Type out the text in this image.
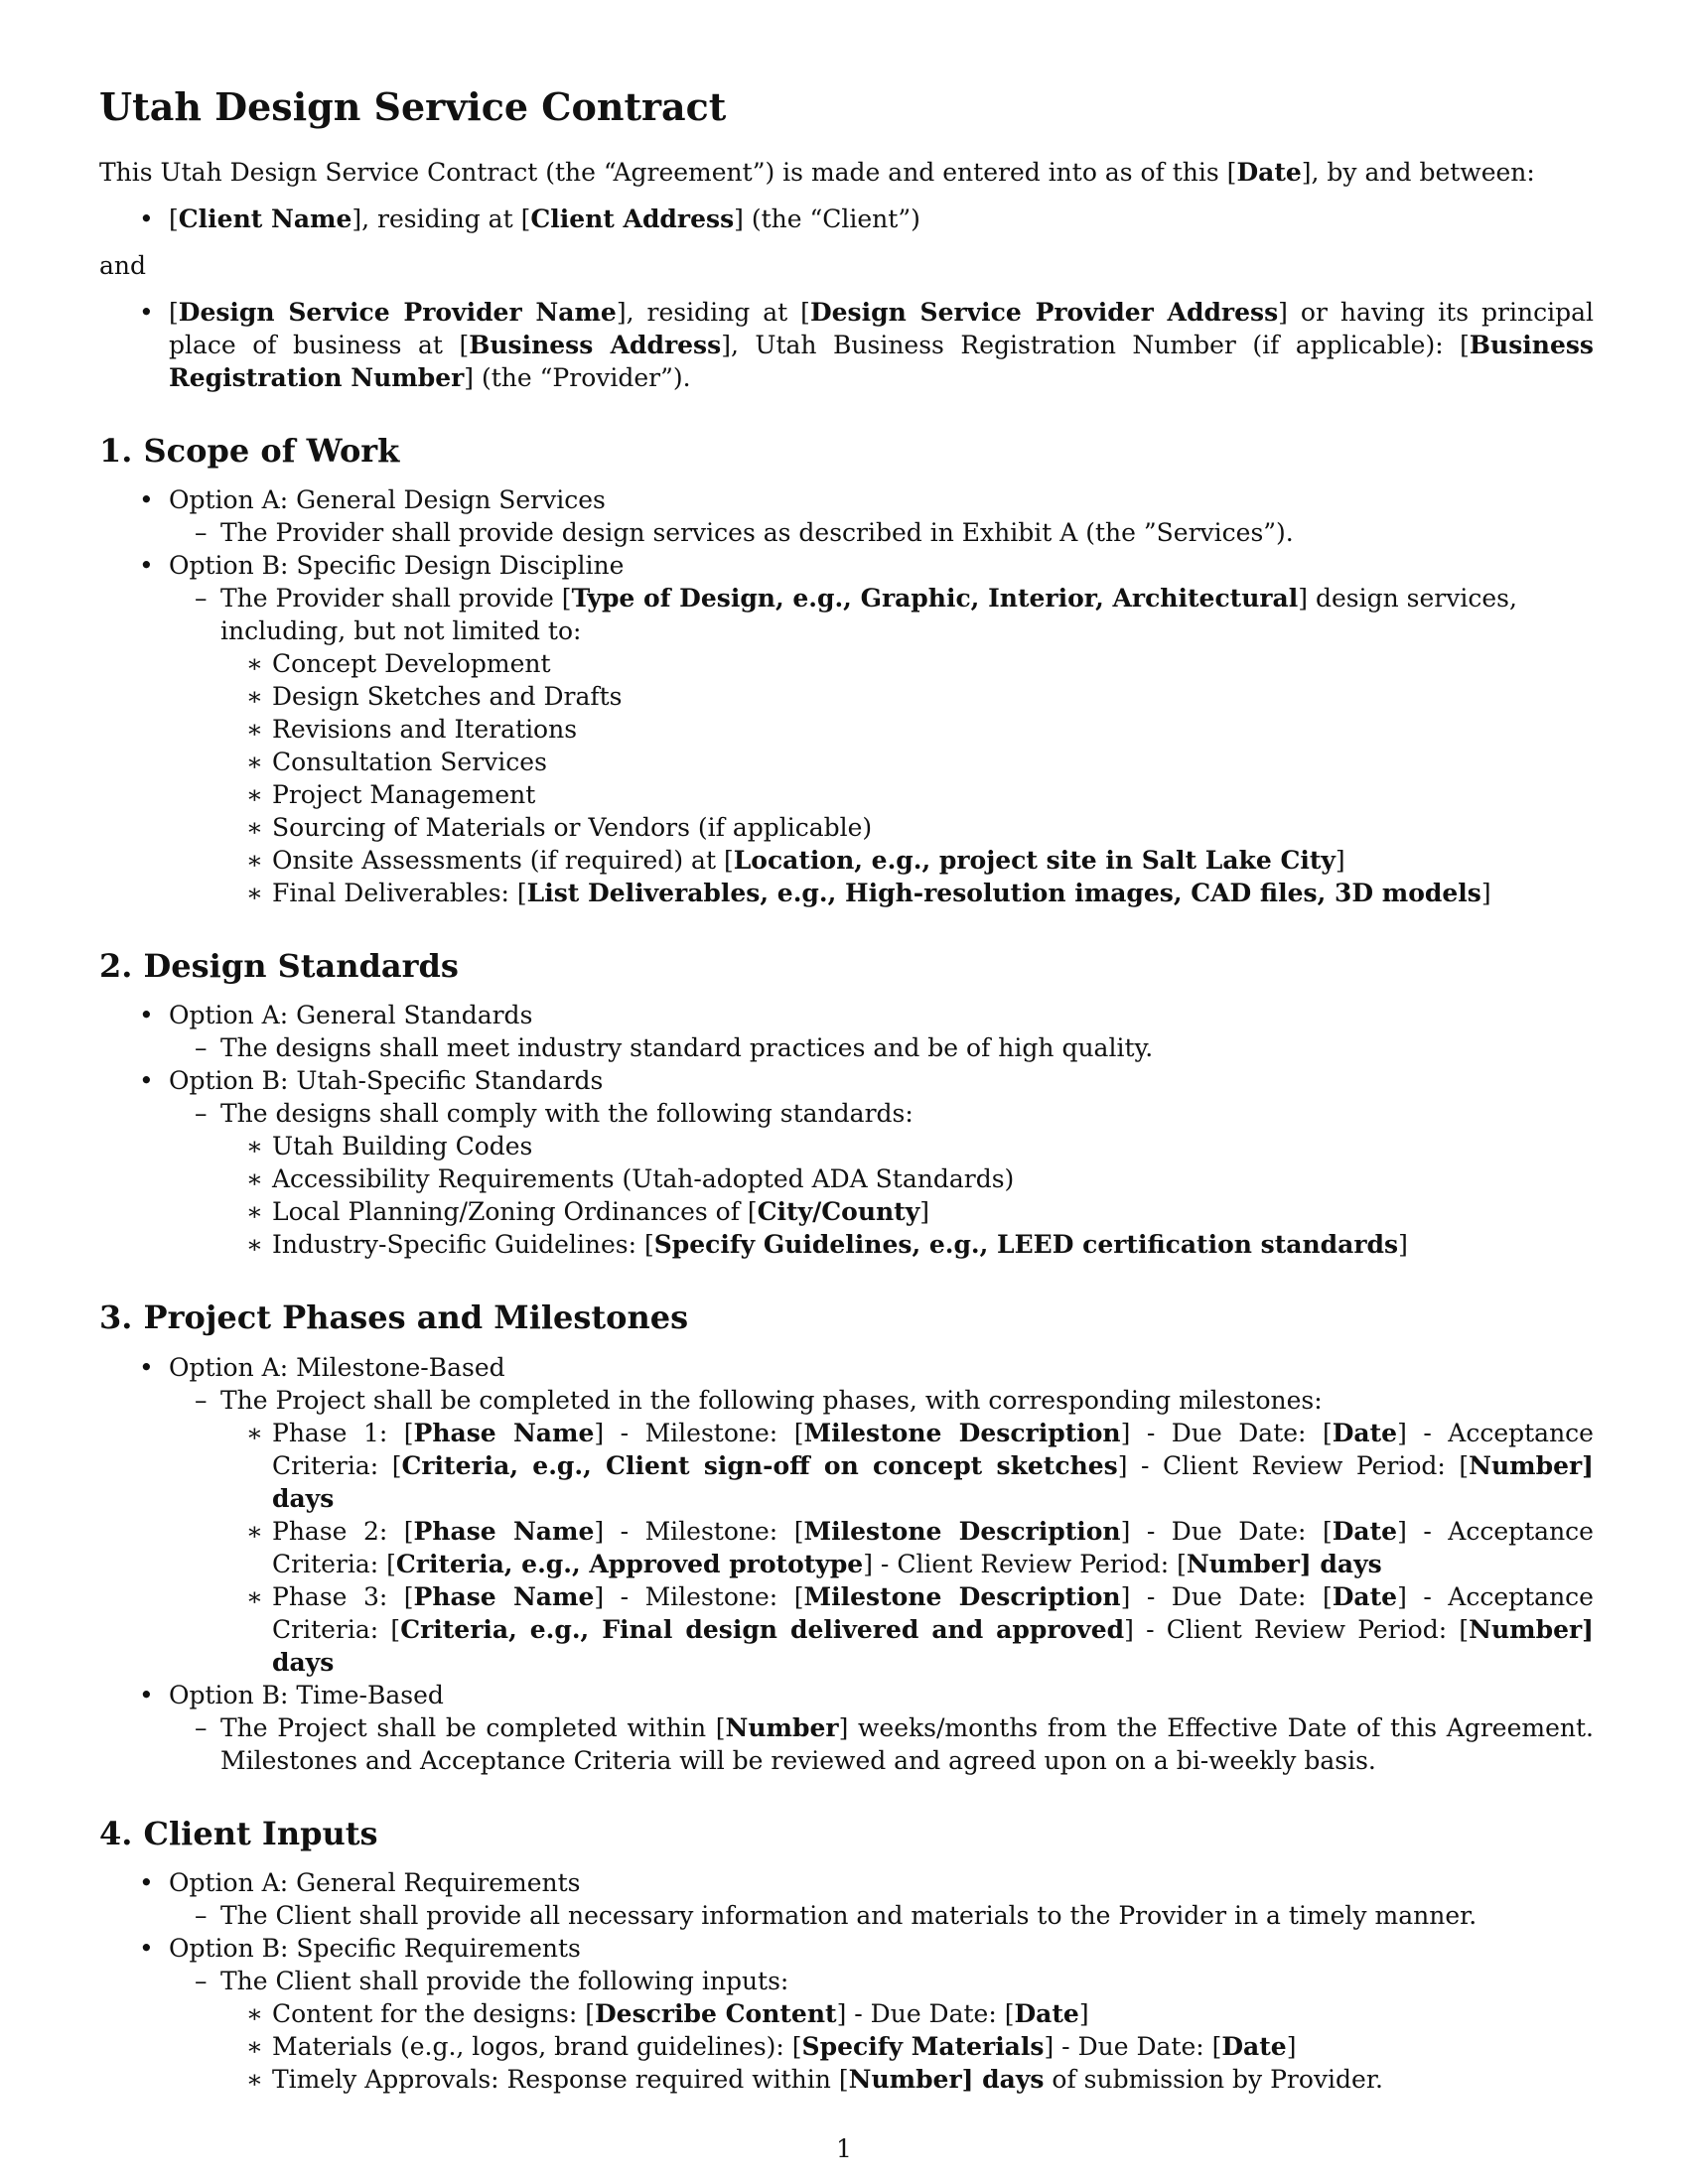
Utah Design Service Contract

This Utah Design Service Contract (the “Agreement”) is made and entered into as of this [Date], by and between:

• [Client Name], residing at [Client Address] (the “Client”)

and

• [Design Service Provider Name], residing at [Design Service Provider Address] or having its principal place of business at [Business Address], Utah Business Registration Number (if applicable): [Business Registration Number] (the “Provider”).
1. Scope of Work
• Option A: General Design Services
– The Provider shall provide design services as described in Exhibit A (the ”Services”).
• Option B: Specific Design Discipline
– The Provider shall provide [Type of Design, e.g., Graphic, Interior, Architectural] design services, including, but not limited to:
∗ Concept Development
∗ Design Sketches and Drafts
∗ Revisions and Iterations
∗ Consultation Services
∗ Project Management
∗ Sourcing of Materials or Vendors (if applicable)
∗ Onsite Assessments (if required) at [Location, e.g., project site in Salt Lake City]
∗ Final Deliverables: [List Deliverables, e.g., High-resolution images, CAD files, 3D models]
2. Design Standards
• Option A: General Standards
– The designs shall meet industry standard practices and be of high quality.
• Option B: Utah-Specific Standards
– The designs shall comply with the following standards:
∗ Utah Building Codes
∗ Accessibility Requirements (Utah-adopted ADA Standards)
∗ Local Planning/Zoning Ordinances of [City/County]
∗ Industry-Specific Guidelines: [Specify Guidelines, e.g., LEED certification standards]
3. Project Phases and Milestones
• Option A: Milestone-Based
– The Project shall be completed in the following phases, with corresponding milestones:
∗ Phase 1: [Phase Name] - Milestone: [Milestone Description] - Due Date: [Date] - Acceptance Criteria: [Criteria, e.g., Client sign-off on concept sketches] - Client Review Period: [Number] days
∗ Phase 2: [Phase Name] - Milestone: [Milestone Description] - Due Date: [Date] - Acceptance Criteria: [Criteria, e.g., Approved prototype] - Client Review Period: [Number] days
∗ Phase 3: [Phase Name] - Milestone: [Milestone Description] - Due Date: [Date] - Acceptance Criteria: [Criteria, e.g., Final design delivered and approved] - Client Review Period: [Number] days
• Option B: Time-Based
– The Project shall be completed within [Number] weeks/months from the Effective Date of this Agreement. Milestones and Acceptance Criteria will be reviewed and agreed upon on a bi-weekly basis.
4. Client Inputs
• Option A: General Requirements
– The Client shall provide all necessary information and materials to the Provider in a timely manner.
• Option B: Specific Requirements
– The Client shall provide the following inputs:
∗ Content for the designs: [Describe Content] - Due Date: [Date]
∗ Materials (e.g., logos, brand guidelines): [Specify Materials] - Due Date: [Date]
∗ Timely Approvals: Response required within [Number] days of submission by Provider.
1
